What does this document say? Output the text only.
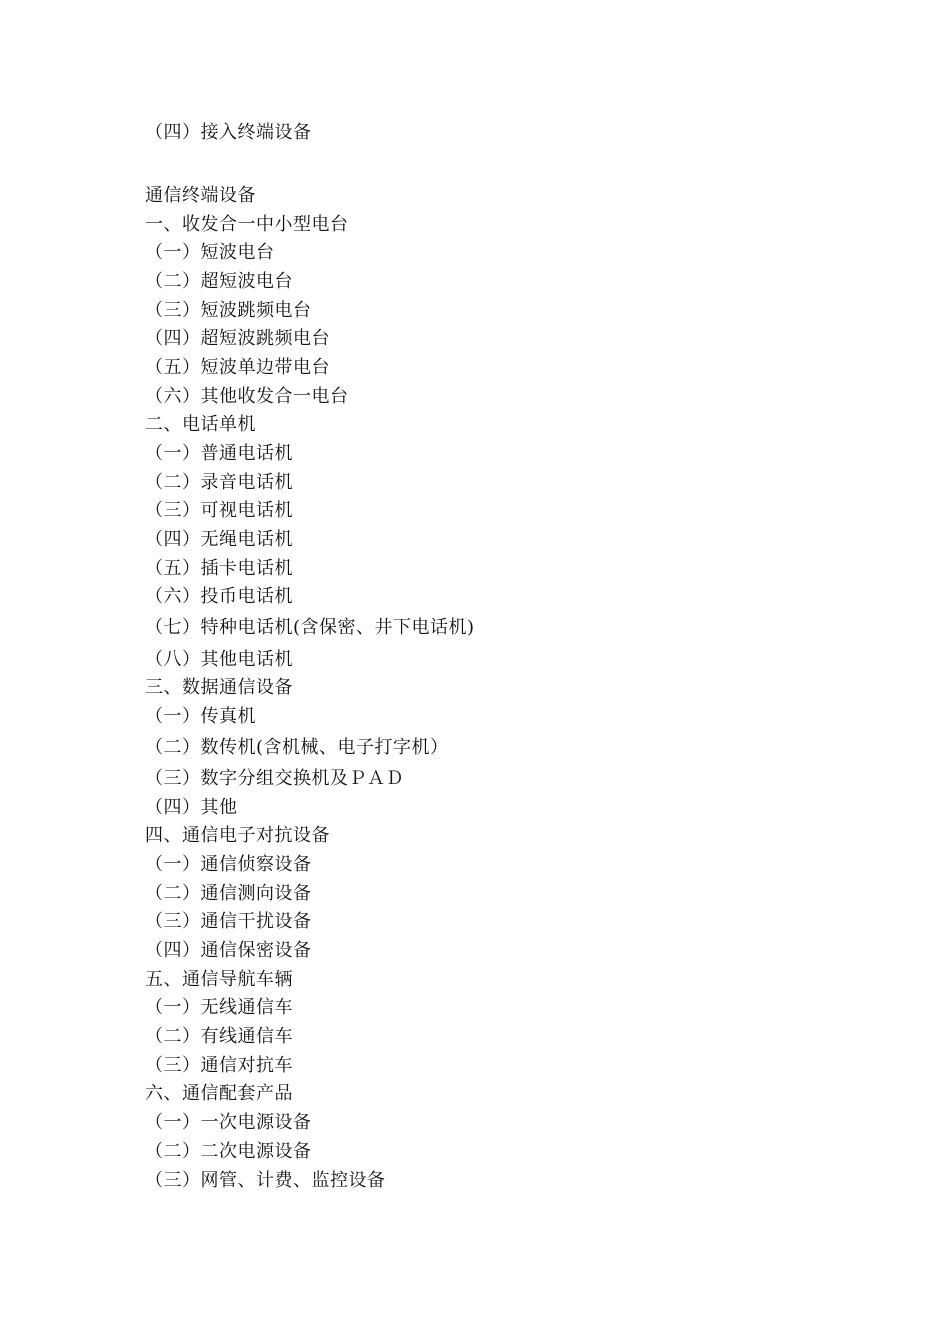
（四）接入终端设备
通信终端设备
一、收发合一中小型电台
（一）短波电台
（二）超短波电台
（三）短波跳频电台
（四）超短波跳频电台
（五）短波单边带电台
（六）其他收发合一电台
二、电话单机
（一）普通电话机
（二）录音电话机
（三）可视电话机
（四）无绳电话机
（五）插卡电话机
（六）投币电话机
（七）特种电话机(含保密、井下电话机)
（八）其他电话机
三、数据通信设备
（一）传真机
（二）数传机(含机械、电子打字机）
（三）数字分组交换机及ＰＡＤ
（四）其他
四、通信电子对抗设备
（一）通信侦察设备
（二）通信测向设备
（三）通信干扰设备
（四）通信保密设备
五、通信导航车辆
（一）无线通信车
（二）有线通信车
（三）通信对抗车
六、通信配套产品
（一）一次电源设备
（二）二次电源设备
（三）网管、计费、监控设备
